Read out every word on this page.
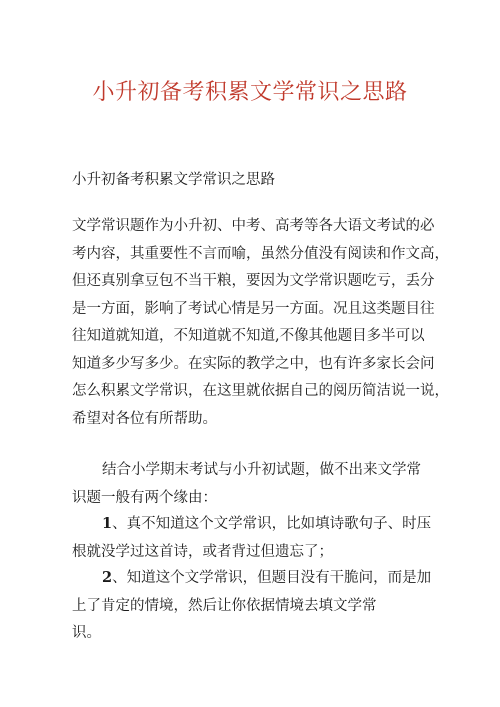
小升初备考积累文学常识之思路
小升初备考积累文学常识之思路

文学常识题作为小升初、中考、高考等各大语文考试的必
考内容，其重要性不言而喻，虽然分值没有阅读和作文高，
但还真别拿豆包不当干粮，要因为文学常识题吃亏，丢分
是一方面，影响了考试心情是另一方面。况且这类题目往
往知道就知道，不知道就不知道,不像其他题目多半可以
知道多少写多少。在实际的教学之中，也有许多家长会问
怎么积累文学常识，在这里就依据自己的阅历简洁说一说，
希望对各位有所帮助。

结合小学期末考试与小升初试题，做不出来文学常
识题一般有两个缘由：

1、真不知道这个文学常识，比如填诗歌句子、时压
根就没学过这首诗，或者背过但遗忘了；

2、知道这个文学常识，但题目没有干脆问，而是加
上了肯定的情境，然后让你依据情境去填文学常
识。
